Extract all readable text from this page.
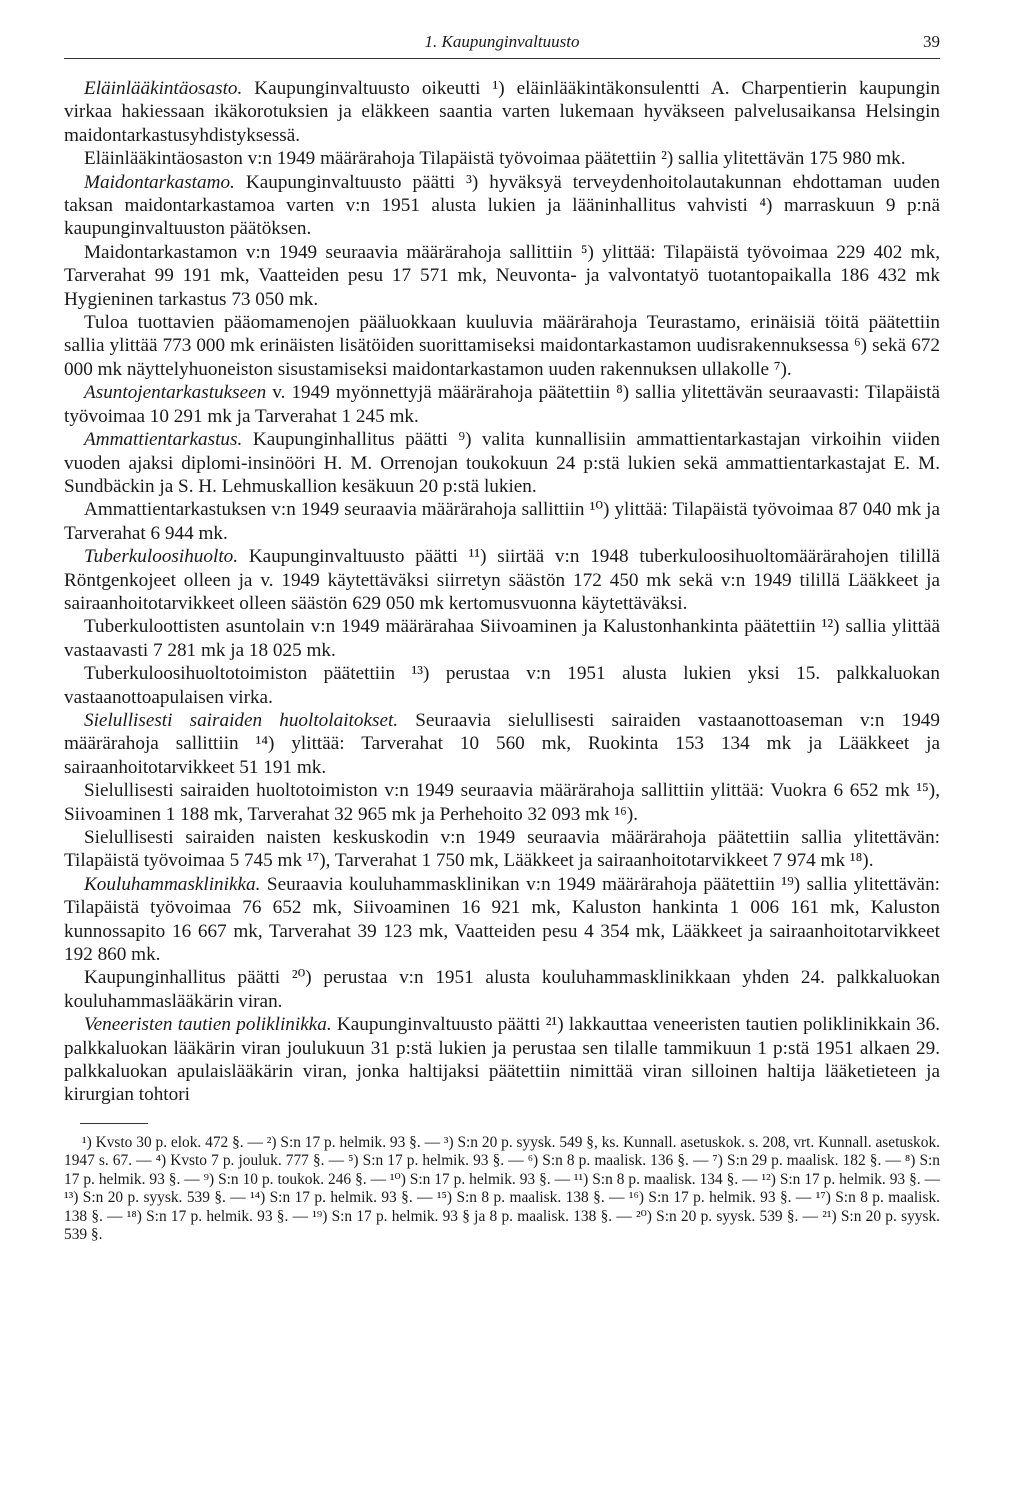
1. Kaupunginvaltuusto	39

Eläinlääkintäosasto. Kaupunginvaltuusto oikeutti ¹) eläinlääkintäkonsulentti A. Charpentierin kaupungin virkaa hakiessaan ikäkorotuksien ja eläkkeen saantia varten lukemaan hyväkseen palvelusaikansa Helsingin maidontarkastusyhdistyksessä.

Eläinlääkintäosaston v:n 1949 määrärahoja Tilapäistä työvoimaa päätettiin ²) sallia ylitettävän 175 980 mk.

Maidontarkastamo. Kaupunginvaltuusto päätti ³) hyväksyä terveydenhoitolautakunnan ehdottaman uuden taksan maidontarkastamoa varten v:n 1951 alusta lukien ja lääninhallitus vahvisti ⁴) marraskuun 9 p:nä kaupunginvaltuuston päätöksen.

Maidontarkastamon v:n 1949 seuraavia määrärahoja sallittiin ⁵) ylittää: Tilapäistä työvoimaa 229 402 mk, Tarverahat 99 191 mk, Vaatteiden pesu 17 571 mk, Neuvonta- ja valvontatyö tuotantopaikalla 186 432 mk Hygieninen tarkastus 73 050 mk.

Tuloa tuottavien pääomamenojen pääluokkaan kuuluvia määrärahoja Teurastamo, erinäisiä töitä päätettiin sallia ylittää 773 000 mk erinäisten lisätöiden suorittamiseksi maidontarkastamon uudisrakennuksessa ⁶) sekä 672 000 mk näyttelyhuoneiston sisustamiseksi maidontarkastamon uuden rakennuksen ullakolle ⁷).

Asuntojentarkastukseen v. 1949 myönnettyjä määrärahoja päätettiin ⁸) sallia ylitettävän seuraavasti: Tilapäistä työvoimaa 10 291 mk ja Tarverahat 1 245 mk.

Ammattientarkastus. Kaupunginhallitus päätti ⁹) valita kunnallisiin ammattientarkastajan virkoihin viiden vuoden ajaksi diplomi-insinööri H. M. Orrenojan toukokuun 24 p:stä lukien sekä ammattientarkastajat E. M. Sundbäckin ja S. H. Lehmuskallion kesäkuun 20 p:stä lukien.

Ammattientarkastuksen v:n 1949 seuraavia määrärahoja sallittiin ¹⁰) ylittää: Tilapäistä työvoimaa 87 040 mk ja Tarverahat 6 944 mk.

Tuberkuloosihuolto. Kaupunginvaltuusto päätti ¹¹) siirtää v:n 1948 tuberkuloosihuoltomäärärahojen tilillä Röntgenkojeet olleen ja v. 1949 käytettäväksi siirretyn säästön 172 450 mk sekä v:n 1949 tilillä Lääkkeet ja sairaanhoitotarvikkeet olleen säästön 629 050 mk kertomusvuonna käytettäväksi.

Tuberkuloottisten asuntolain v:n 1949 määrärahaa Siivoaminen ja Kalustonhankinta päätettiin ¹²) sallia ylittää vastaavasti 7 281 mk ja 18 025 mk.

Tuberkuloosihuoltotoimiston päätettiin ¹³) perustaa v:n 1951 alusta lukien yksi 15. palkkaluokan vastaanottoapulaisen virka.

Sielullisesti sairaiden huoltolaitokset. Seuraavia sielullisesti sairaiden vastaanottoaseman v:n 1949 määrärahoja sallittiin ¹⁴) ylittää: Tarverahat 10 560 mk, Ruokinta 153 134 mk ja Lääkkeet ja sairaanhoitotarvikkeet 51 191 mk.

Sielullisesti sairaiden huoltotoimiston v:n 1949 seuraavia määrärahoja sallittiin ylittää: Vuokra 6 652 mk ¹⁵), Siivoaminen 1 188 mk, Tarverahat 32 965 mk ja Perhehoito 32 093 mk ¹⁶).

Sielullisesti sairaiden naisten keskuskodin v:n 1949 seuraavia määrärahoja päätettiin sallia ylitettävän: Tilapäistä työvoimaa 5 745 mk ¹⁷), Tarverahat 1 750 mk, Lääkkeet ja sairaanhoitotarvikkeet 7 974 mk ¹⁸).

Kouluhammasklinikka. Seuraavia kouluhammasklinikan v:n 1949 määrärahoja päätettiin ¹⁹) sallia ylitettävän: Tilapäistä työvoimaa 76 652 mk, Siivoaminen 16 921 mk, Kaluston hankinta 1 006 161 mk, Kaluston kunnossapito 16 667 mk, Tarverahat 39 123 mk, Vaatteiden pesu 4 354 mk, Lääkkeet ja sairaanhoitotarvikkeet 192 860 mk.

Kaupunginhallitus päätti ²⁰) perustaa v:n 1951 alusta kouluhammasklinikkaan yhden 24. palkkaluokan kouluhammaslääkärin viran.

Veneeristen tautien poliklinikka. Kaupunginvaltuusto päätti ²¹) lakkauttaa veneeristen tautien poliklinikkain 36. palkkaluokan lääkärin viran joulukuun 31 p:stä lukien ja perustaa sen tilalle tammikuun 1 p:stä 1951 alkaen 29. palkkaluokan apulaislääkärin viran, jonka haltijaksi päätettiin nimittää viran silloinen haltija lääketieteen ja kirurgian tohtori

¹) Kvsto 30 p. elok. 472 §. — ²) S:n 17 p. helmik. 93 §. — ³) S:n 20 p. syysk. 549 §, ks. Kunnall. asetuskok. s. 208, vrt. Kunnall. asetuskok. 1947 s. 67. — ⁴) Kvsto 7 p. jouluk. 777 §. — ⁵) S:n 17 p. helmik. 93 §. — ⁶) S:n 8 p. maalisk. 136 §. — ⁷) S:n 29 p. maalisk. 182 §. — ⁸) S:n 17 p. helmik. 93 §. — ⁹) S:n 10 p. toukok. 246 §. — ¹⁰) S:n 17 p. helmik. 93 §. — ¹¹) S:n 8 p. maalisk. 134 §. — ¹²) S:n 17 p. helmik. 93 §. — ¹³) S:n 20 p. syysk. 539 §. — ¹⁴) S:n 17 p. helmik. 93 §. — ¹⁵) S:n 8 p. maalisk. 138 §. — ¹⁶) S:n 17 p. helmik. 93 §. — ¹⁷) S:n 8 p. maalisk. 138 §. — ¹⁸) S:n 17 p. helmik. 93 §. — ¹⁹) S:n 17 p. helmik. 93 § ja 8 p. maalisk. 138 §. — ²⁰) S:n 20 p. syysk. 539 §. — ²¹) S:n 20 p. syysk. 539 §.
